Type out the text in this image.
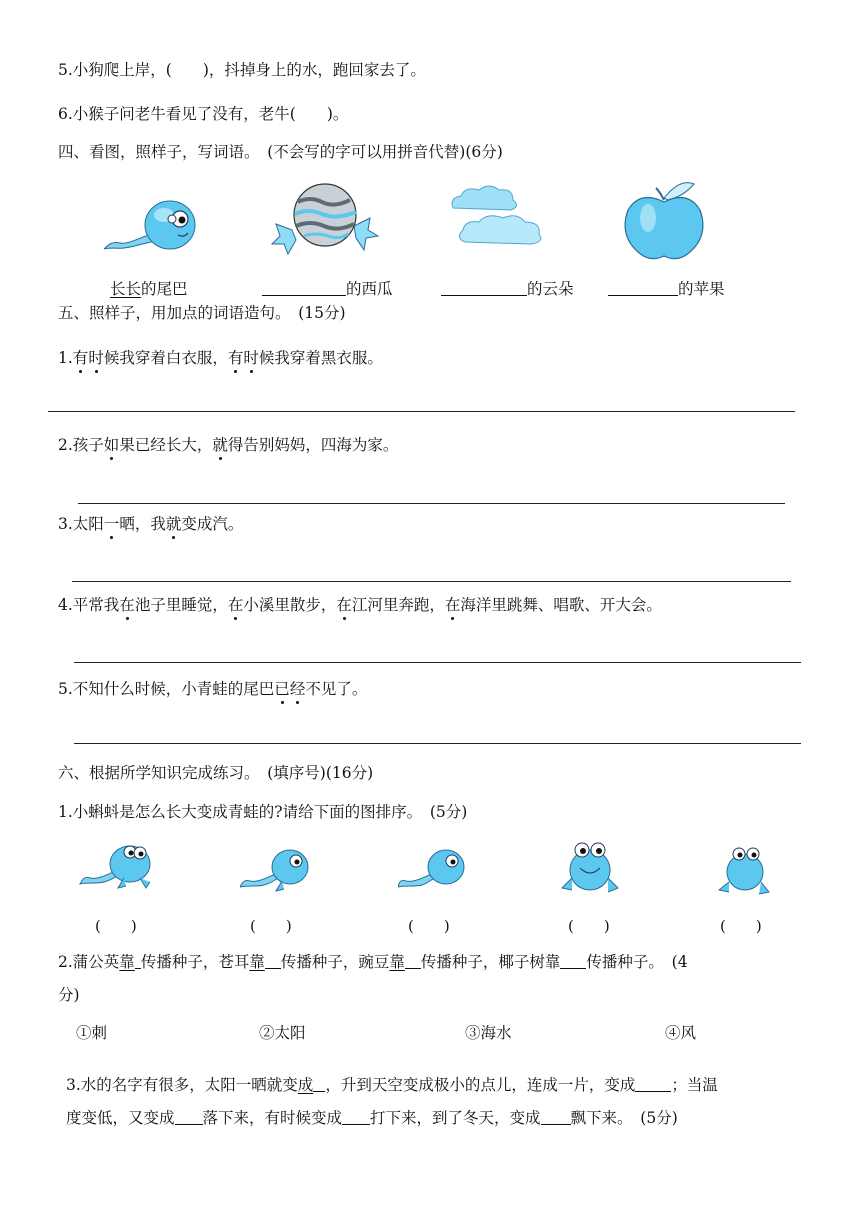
5.小狗爬上岸，(　　)，抖掉身上的水，跑回家去了。
6.小猴子问老牛看见了没有，老牛(　　)。
四、看图，照样子，写词语。　(不会写的字可以用拼音代替)(6分)
长长的尾巴	的西瓜	的云朵	的苹果
五、照样子，用加点的词语造句。　(15分)
1.有时候我穿着白衣服，有时候我穿着黑衣服。
2.孩子如果已经长大，就得告别妈妈，四海为家。
3.太阳一晒，我就变成汽。
4.平常我在池子里睡觉，在小溪里散步，在江河里奔跑，在海洋里跳舞、唱歌、开大会。
5.不知什么时候，小青蛙的尾巴已经不见了。
六、根据所学知识完成练习。　(填序号)(16分)
1.小蝌蚪是怎么长大变成青蛙的?请给下面的图排序。　(5分)
(　　)	(　　)	(　　)	(　　)	(　　)
2.蒲公英靠 传播种子，苍耳靠 传播种子，豌豆靠 传播种子，椰子树靠 传播种子。　(4
分)
①刺	②太阳	③海水	④风
3.水的名字有很多，太阳一晒就变成 ，升到天空变成极小的点儿，连成一片，变成 ；当温
度变低，又变成 落下来，有时候变成 打下来，到了冬天，变成 飘下来。　(5分)
